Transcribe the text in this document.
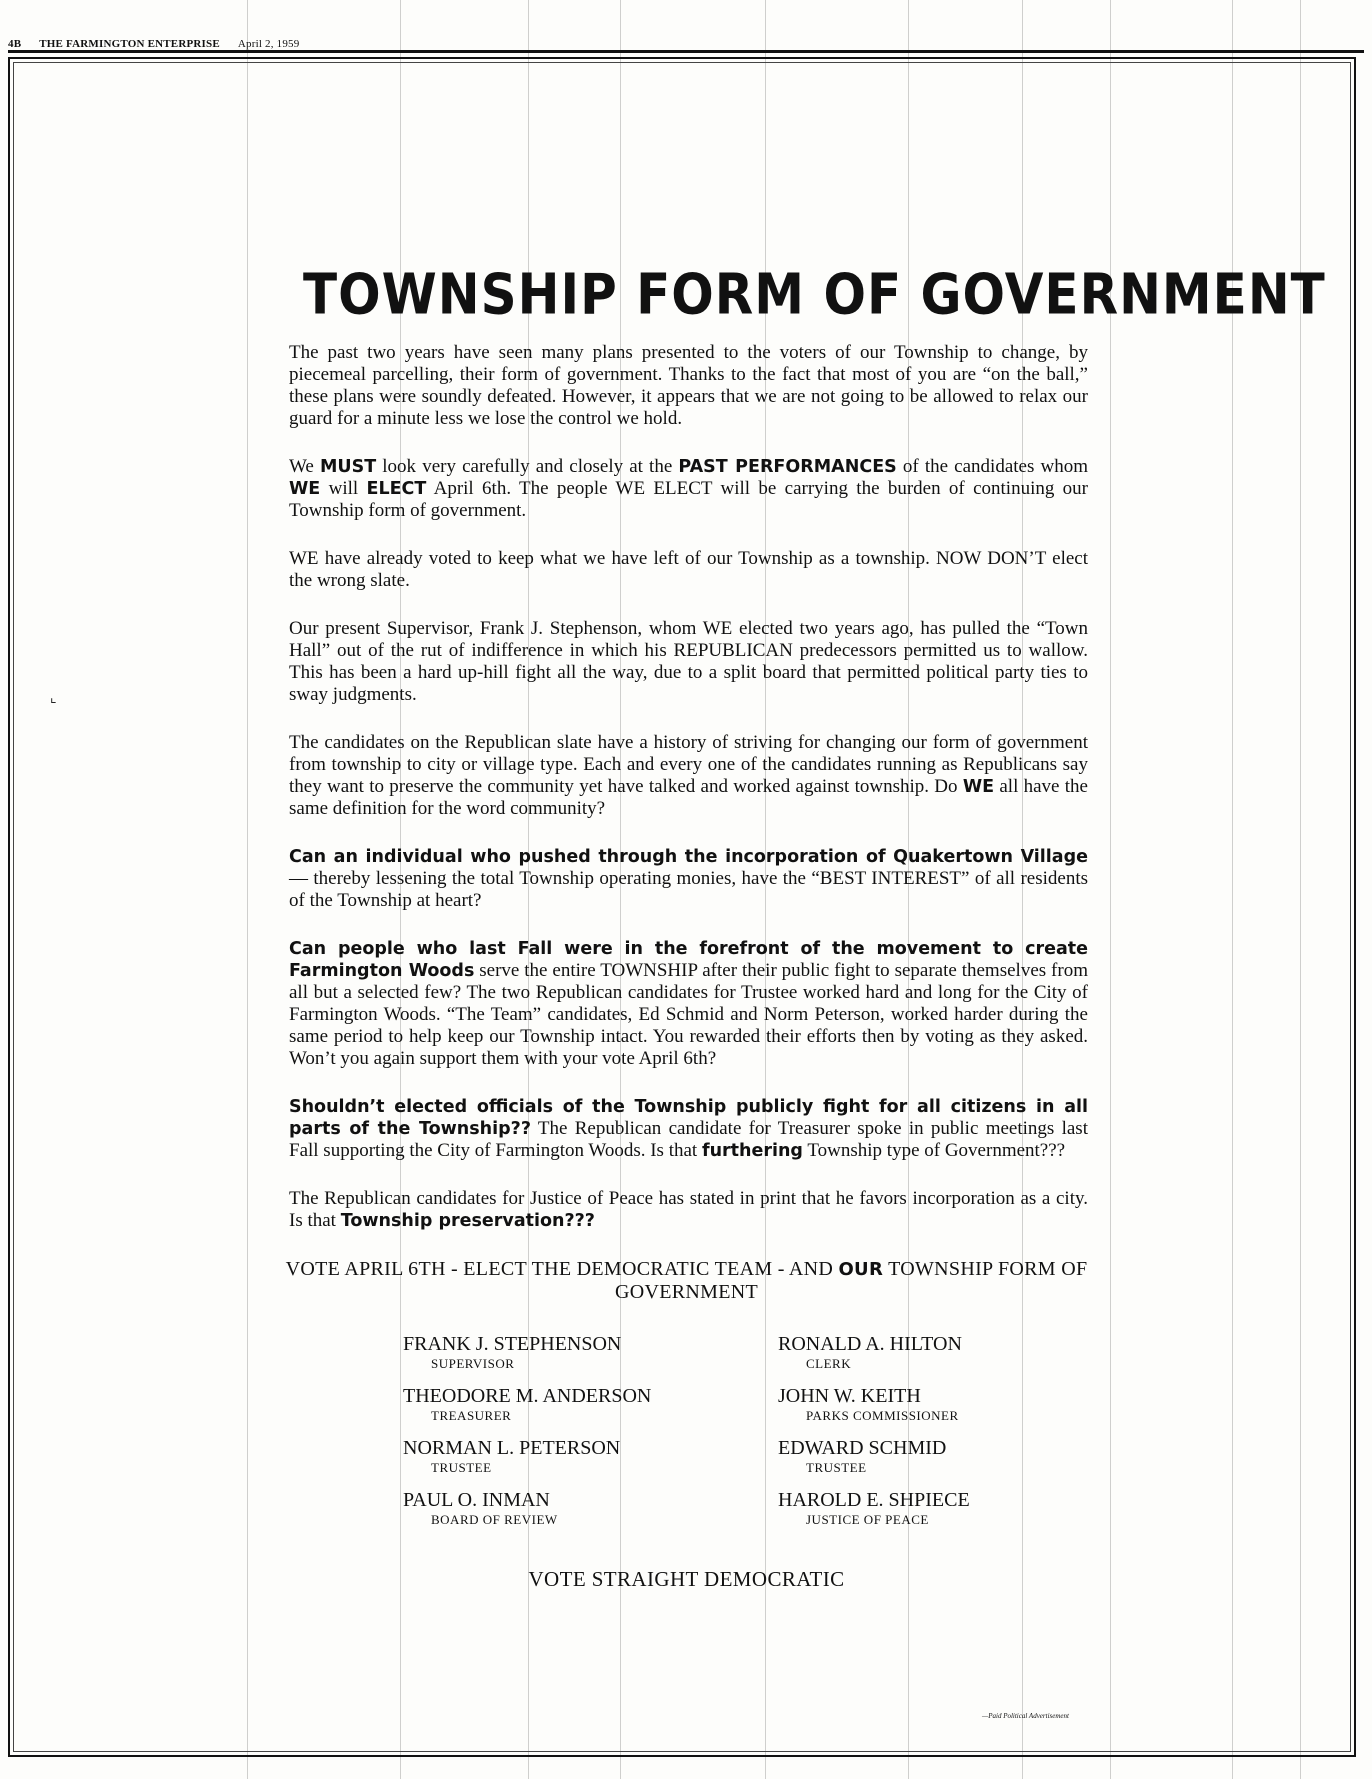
4B THE FARMINGTON ENTERPRISE April 2, 1959
⌞
TOWNSHIP FORM OF GOVERNMENT

The past two years have seen many plans presented to the voters of our Township to change, by piecemeal parcelling, their form of government. Thanks to the fact that most of you are “on the ball,” these plans were soundly defeated. However, it appears that we are not going to be allowed to relax our guard for a minute less we lose the control we hold.

We MUST look very carefully and closely at the PAST PERFORMANCES of the candidates whom WE will ELECT April 6th. The people WE ELECT will be carrying the burden of continuing our Township form of government.

WE have already voted to keep what we have left of our Township as a township. NOW DON’T elect the wrong slate.

Our present Supervisor, Frank J. Stephenson, whom WE elected two years ago, has pulled the “Town Hall” out of the rut of indifference in which his REPUBLICAN predecessors permitted us to wallow. This has been a hard up-hill fight all the way, due to a split board that permitted political party ties to sway judgments.

The candidates on the Republican slate have a history of striving for changing our form of government from township to city or village type. Each and every one of the candidates running as Republicans say they want to preserve the community yet have talked and worked against township. Do WE all have the same definition for the word community?

Can an individual who pushed through the incorporation of Quakertown Village — thereby lessening the total Township operating monies, have the “BEST INTEREST” of all residents of the Township at heart?

Can people who last Fall were in the forefront of the movement to create Farmington Woods serve the entire TOWNSHIP after their public fight to separate themselves from all but a selected few? The two Republican candidates for Trustee worked hard and long for the City of Farmington Woods. “The Team” candidates, Ed Schmid and Norm Peterson, worked harder during the same period to help keep our Township intact. You rewarded their efforts then by voting as they asked. Won’t you again support them with your vote April 6th?

Shouldn’t elected officials of the Township publicly fight for all citizens in all parts of the Township?? The Republican candidate for Treasurer spoke in public meetings last Fall supporting the City of Farmington Woods. Is that furthering Township type of Government???

The Republican candidates for Justice of Peace has stated in print that he favors incorporation as a city. Is that Township preservation???

VOTE APRIL 6TH - ELECT THE DEMOCRATIC TEAM - AND OUR TOWNSHIP FORM OF GOVERNMENT
FRANK J. STEPHENSON
SUPERVISOR
RONALD A. HILTON
CLERK
THEODORE M. ANDERSON
TREASURER
JOHN W. KEITH
PARKS COMMISSIONER
NORMAN L. PETERSON
TRUSTEE
EDWARD SCHMID
TRUSTEE
PAUL O. INMAN
BOARD OF REVIEW
HAROLD E. SHPIECE
JUSTICE OF PEACE
VOTE STRAIGHT DEMOCRATIC
—Paid Political Advertisement
